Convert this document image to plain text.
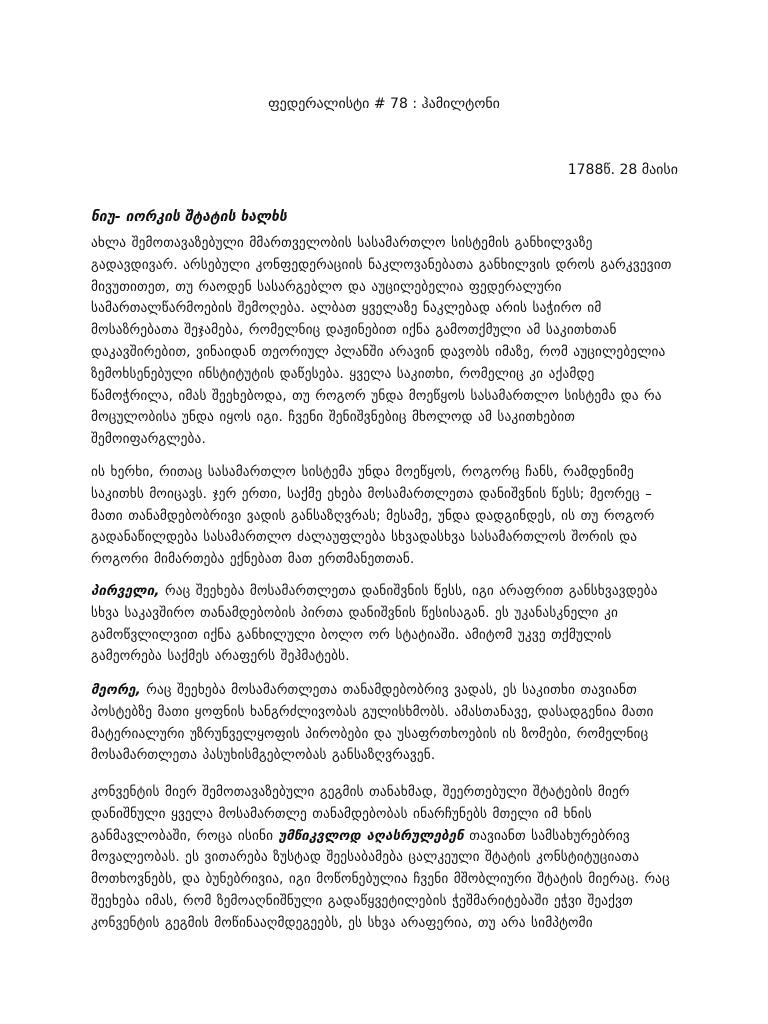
ფედერალისტი # 78 : ჰამილტონი
1788წ. 28 მაისი
ნიუ- იორკის შტატის ხალხს

ახლა შემოთავაზებული მმართველობის სასამართლო სისტემის განხილვაზე გადავდივარ. არსებული კონფედერაციის ნაკლოვანებათა განხილვის დროს გარკვევით მივუთითეთ, თუ რაოდენ სასარგებლო და აუცილებელია ფედერალური სამართალწარმოების შემოღება. ალბათ ყველაზე ნაკლებად არის საჭირო იმ მოსაზრებათა შეჯამება, რომელნიც დაჟინებით იქნა გამოთქმული ამ საკითხთან დაკავშირებით, ვინაიდან თეორიულ პლანში არავინ დავობს იმაზე, რომ აუცილებელია ზემოხსენებული ინსტიტუტის დაწესება. ყველა საკითხი, რომელიც კი აქამდე წამოჭრილა, იმას შეეხებოდა, თუ როგორ უნდა მოეწყოს სასამართლო სისტემა და რა მოცულობისა უნდა იყოს იგი. ჩვენი შენიშვნებიც მხოლოდ ამ საკითხებით შემოიფარგლება.

ის ხერხი, რითაც სასამართლო სისტემა უნდა მოეწყოს, როგორც ჩანს, რამდენიმე საკითხს მოიცავს. ჯერ ერთი, საქმე ეხება მოსამართლეთა დანიშვნის წესს; მეორეც – მათი თანამდებობრივი ვადის განსაზღვრას; მესამე, უნდა დადგინდეს, ის თუ როგორ გადანაწილდება სასამართლო ძალაუფლება სხვადასხვა სასამართლოს შორის და როგორი მიმართება ექნებათ მათ ერთმანეთთან.

პირველი, რაც შეეხება მოსამართლეთა დანიშვნის წესს, იგი არაფრით განსხვავდება სხვა საკავშირო თანამდებობის პირთა დანიშვნის წესისაგან. ეს უკანასკნელი კი გამოწვლილვით იქნა განხილული ბოლო ორ სტატიაში. ამიტომ უკვე თქმულის გამეორება საქმეს არაფერს შეჰმატებს.

მეორე, რაც შეეხება მოსამართლეთა თანამდებობრივ ვადას, ეს საკითხი თავიანთ პოსტებზე მათი ყოფნის ხანგრძლივობას გულისხმობს. ამასთანავე, დასადგენია მათი მატერიალური უზრუნველყოფის პირობები და უსაფრთხოების ის ზომები, რომელნიც მოსამართლეთა პასუხისმგებლობას განსაზღვრავენ.

კონვენტის მიერ შემოთავაზებული გეგმის თანახმად, შეერთებული შტატების მიერ დანიშნული ყველა მოსამართლე თანამდებობას ინარჩუნებს მთელი იმ ხნის განმავლობაში, როცა ისინი უმწიკვლოდ აღასრულებენ თავიანთ სამსახურებრივ მოვალეობას. ეს ვითარება ზუსტად შეესაბამება ცალკეული შტატის კონსტიტუციათა მოთხოვნებს, და ბუნებრივია, იგი მოწონებულია ჩვენი მშობლიური შტატის მიერაც. რაც შეეხება იმას, რომ ზემოაღნიშნული გადაწყვეტილების ჭეშმარიტებაში ეჭვი შეაქვთ კონვენტის გეგმის მოწინააღმდეგეებს, ეს სხვა არაფერია, თუ არა სიმპტომი
